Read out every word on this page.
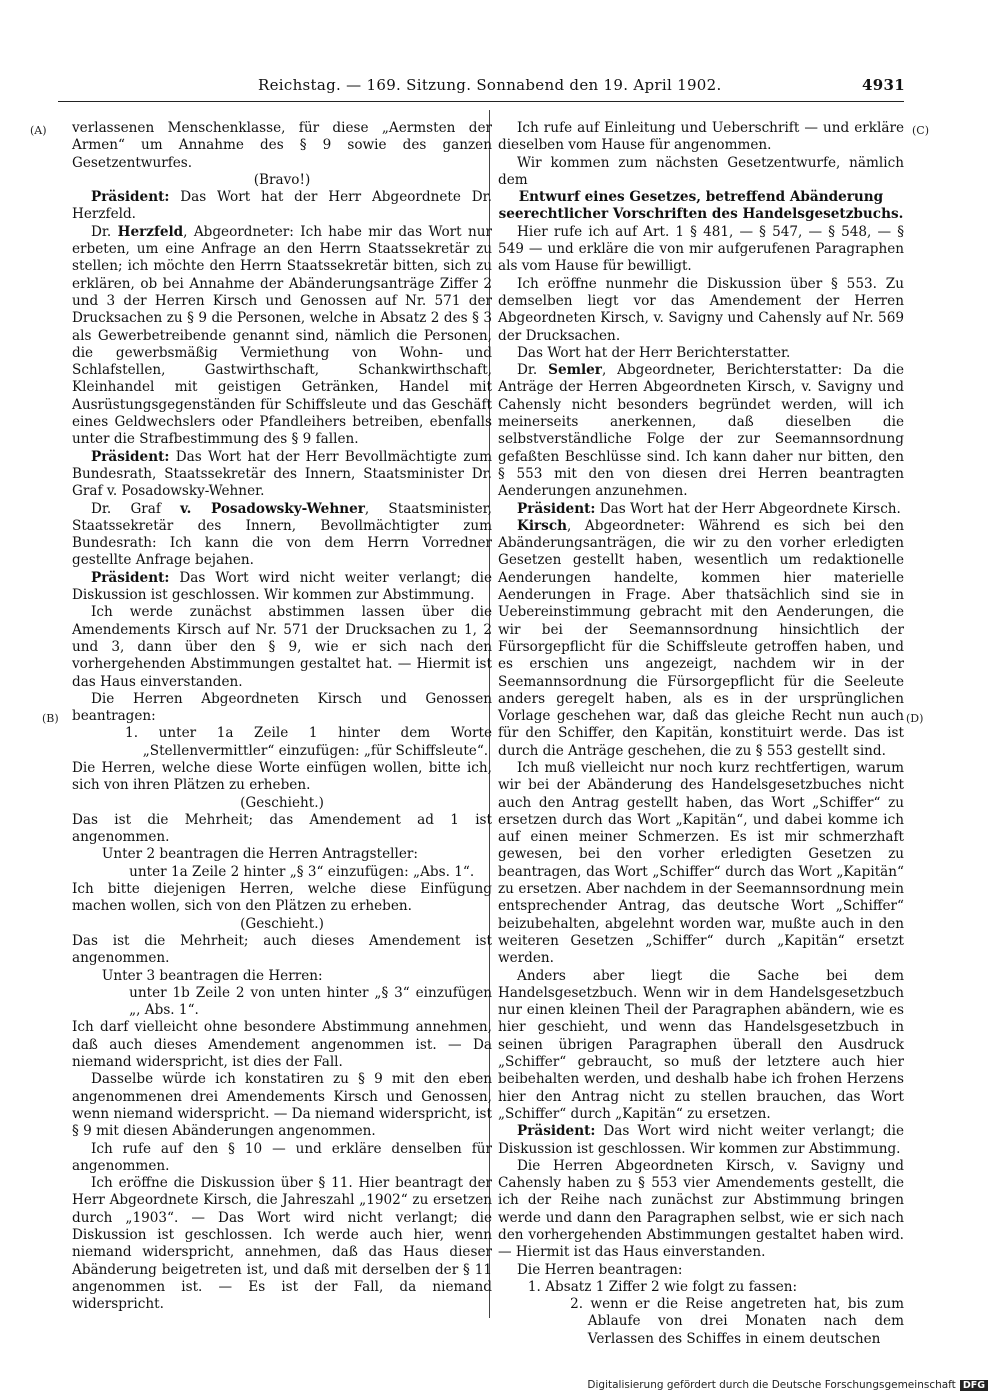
Reichstag. — 169. Sitzung. Sonnabend den 19. April 1902.	4931
(A)
(B)
(C)
(D)

verlassenen Menschenklasse, für diese „Aermsten der Armen“ um Annahme des § 9 sowie des ganzen Gesetzentwurfes.

(Bravo!)

Präsident: Das Wort hat der Herr Abgeordnete Dr. Herzfeld.

Dr. Herzfeld, Abgeordneter: Ich habe mir das Wort nur erbeten, um eine Anfrage an den Herrn Staatssekretär zu stellen; ich möchte den Herrn Staatssekretär bitten, sich zu erklären, ob bei Annahme der Abänderungsanträge Ziffer 2 und 3 der Herren Kirsch und Genossen auf Nr. 571 der Drucksachen zu § 9 die Personen, welche in Absatz 2 des § 3 als Gewerbetreibende genannt sind, nämlich die Personen, die gewerbsmäßig Vermiethung von Wohn- und Schlafstellen, Gastwirthschaft, Schankwirthschaft, Kleinhandel mit geistigen Getränken, Handel mit Ausrüstungsgegenständen für Schiffsleute und das Geschäft eines Geldwechslers oder Pfandleihers betreiben, ebenfalls unter die Strafbestimmung des § 9 fallen.

Präsident: Das Wort hat der Herr Bevollmächtigte zum Bundesrath, Staatssekretär des Innern, Staatsminister Dr. Graf v. Posadowsky-Wehner.

Dr. Graf v. Posadowsky-Wehner, Staatsminister, Staatssekretär des Innern, Bevollmächtigter zum Bundesrath: Ich kann die von dem Herrn Vorredner gestellte Anfrage bejahen.

Präsident: Das Wort wird nicht weiter verlangt; die Diskussion ist geschlossen. Wir kommen zur Abstimmung.

Ich werde zunächst abstimmen lassen über die Amendements Kirsch auf Nr. 571 der Drucksachen zu 1, 2 und 3, dann über den § 9, wie er sich nach den vorhergehenden Abstimmungen gestaltet hat. — Hiermit ist das Haus einverstanden.

Die Herren Abgeordneten Kirsch und Genossen beantragen:

1. unter 1a Zeile 1 hinter dem Worte „Stellenvermittler“ einzufügen: „für Schiffsleute“.

Die Herren, welche diese Worte einfügen wollen, bitte ich, sich von ihren Plätzen zu erheben.

(Geschieht.)

Das ist die Mehrheit; das Amendement ad 1 ist angenommen.

Unter 2 beantragen die Herren Antragsteller:

unter 1a Zeile 2 hinter „§ 3“ einzufügen: „Abs. 1“.

Ich bitte diejenigen Herren, welche diese Einfügung machen wollen, sich von den Plätzen zu erheben.

(Geschieht.)

Das ist die Mehrheit; auch dieses Amendement ist angenommen.

Unter 3 beantragen die Herren:

unter 1b Zeile 2 von unten hinter „§ 3“ einzufügen „, Abs. 1“.

Ich darf vielleicht ohne besondere Abstimmung annehmen, daß auch dieses Amendement angenommen ist. — Da niemand widerspricht, ist dies der Fall.

Dasselbe würde ich konstatiren zu § 9 mit den eben angenommenen drei Amendements Kirsch und Genossen, wenn niemand widerspricht. — Da niemand widerspricht, ist § 9 mit diesen Abänderungen angenommen.

Ich rufe auf den § 10 — und erkläre denselben für angenommen.

Ich eröffne die Diskussion über § 11. Hier beantragt der Herr Abgeordnete Kirsch, die Jahreszahl „1902“ zu ersetzen durch „1903“. — Das Wort wird nicht verlangt; die Diskussion ist geschlossen. Ich werde auch hier, wenn niemand widerspricht, annehmen, daß das Haus dieser Abänderung beigetreten ist, und daß mit derselben der § 11 angenommen ist. — Es ist der Fall, da niemand widerspricht.

Ich rufe auf Einleitung und Ueberschrift — und erkläre dieselben vom Hause für angenommen.

Wir kommen zum nächsten Gesetzentwurfe, nämlich dem

Entwurf eines Gesetzes, betreffend Abänderung seerechtlicher Vorschriften des Handelsgesetzbuchs.

Hier rufe ich auf Art. 1 § 481, — § 547, — § 548, — § 549 — und erkläre die von mir aufgerufenen Paragraphen als vom Hause für bewilligt.

Ich eröffne nunmehr die Diskussion über § 553. Zu demselben liegt vor das Amendement der Herren Abgeordneten Kirsch, v. Savigny und Cahensly auf Nr. 569 der Drucksachen.

Das Wort hat der Herr Berichterstatter.

Dr. Semler, Abgeordneter, Berichterstatter: Da die Anträge der Herren Abgeordneten Kirsch, v. Savigny und Cahensly nicht besonders begründet werden, will ich meinerseits anerkennen, daß dieselben die selbstverständliche Folge der zur Seemannsordnung gefaßten Beschlüsse sind. Ich kann daher nur bitten, den § 553 mit den von diesen drei Herren beantragten Aenderungen anzunehmen.

Präsident: Das Wort hat der Herr Abgeordnete Kirsch.

Kirsch, Abgeordneter: Während es sich bei den Abänderungsanträgen, die wir zu den vorher erledigten Gesetzen gestellt haben, wesentlich um redaktionelle Aenderungen handelte, kommen hier materielle Aenderungen in Frage. Aber thatsächlich sind sie in Uebereinstimmung gebracht mit den Aenderungen, die wir bei der Seemannsordnung hinsichtlich der Fürsorgepflicht für die Schiffsleute getroffen haben, und es erschien uns angezeigt, nachdem wir in der Seemannsordnung die Fürsorgepflicht für die Seeleute anders geregelt haben, als es in der ursprünglichen Vorlage geschehen war, daß das gleiche Recht nun auch für den Schiffer, den Kapitän, konstituirt werde. Das ist durch die Anträge geschehen, die zu § 553 gestellt sind.

Ich muß vielleicht nur noch kurz rechtfertigen, warum wir bei der Abänderung des Handelsgesetzbuches nicht auch den Antrag gestellt haben, das Wort „Schiffer“ zu ersetzen durch das Wort „Kapitän“, und dabei komme ich auf einen meiner Schmerzen. Es ist mir schmerzhaft gewesen, bei den vorher erledigten Gesetzen zu beantragen, das Wort „Schiffer“ durch das Wort „Kapitän“ zu ersetzen. Aber nachdem in der Seemannsordnung mein entsprechender Antrag, das deutsche Wort „Schiffer“ beizubehalten, abgelehnt worden war, mußte auch in den weiteren Gesetzen „Schiffer“ durch „Kapitän“ ersetzt werden.

Anders aber liegt die Sache bei dem Handelsgesetzbuch. Wenn wir in dem Handelsgesetzbuch nur einen kleinen Theil der Paragraphen abändern, wie es hier geschieht, und wenn das Handelsgesetzbuch in seinen übrigen Paragraphen überall den Ausdruck „Schiffer“ gebraucht, so muß der letztere auch hier beibehalten werden, und deshalb habe ich frohen Herzens hier den Antrag nicht zu stellen brauchen, das Wort „Schiffer“ durch „Kapitän“ zu ersetzen.

Präsident: Das Wort wird nicht weiter verlangt; die Diskussion ist geschlossen. Wir kommen zur Abstimmung.

Die Herren Abgeordneten Kirsch, v. Savigny und Cahensly haben zu § 553 vier Amendements gestellt, die ich der Reihe nach zunächst zur Abstimmung bringen werde und dann den Paragraphen selbst, wie er sich nach den vorhergehenden Abstimmungen gestaltet haben wird. — Hiermit ist das Haus einverstanden.

Die Herren beantragen:

1. Absatz 1 Ziffer 2 wie folgt zu fassen:

2. wenn er die Reise angetreten hat, bis zum Ablaufe von drei Monaten nach dem Verlassen des Schiffes in einem deutschen

Digitalisierung gefördert durch die Deutsche Forschungsgemeinschaft DFG
